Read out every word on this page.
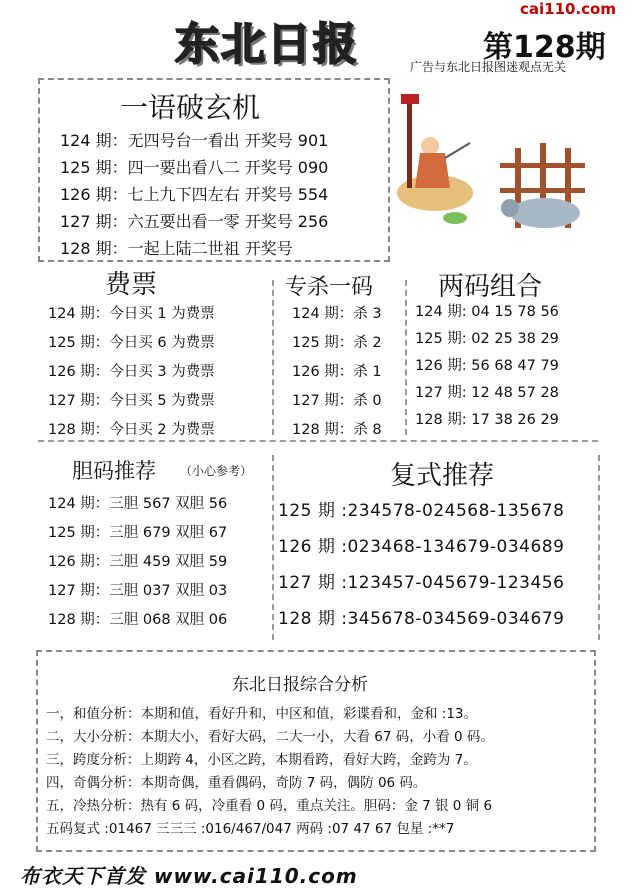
东北日报
cai110.com
第128期
广告与东北日报图迷观点无关
一语破玄机
124 期：无四号台一看出 开奖号 901
125 期：四一要出看八二 开奖号 090
126 期：七上九下四左右 开奖号 554
127 期：六五要出看一零 开奖号 256
128 期：一起上陆二世祖 开奖号
费票
124 期：今日买 1 为费票
125 期：今日买 6 为费票
126 期：今日买 3 为费票
127 期：今日买 5 为费票
128 期：今日买 2 为费票
专杀一码
124 期：杀 3
125 期：杀 2
126 期：杀 1
127 期：杀 0
128 期：杀 8
两码组合
124 期: 04 15 78 56
125 期: 02 25 38 29
126 期: 56 68 47 79
127 期: 12 48 57 28
128 期: 17 38 26 29
胆码推荐 （小心参考）
124 期：三胆 567 双胆 56
125 期：三胆 679 双胆 67
126 期：三胆 459 双胆 59
127 期：三胆 037 双胆 03
128 期：三胆 068 双胆 06
复式推荐
125 期 :234578-024568-135678
126 期 :023468-134679-034689
127 期 :123457-045679-123456
128 期 :345678-034569-034679
东北日报综合分析
一，和值分析：本期和值，看好升和，中区和值，彩谍看和，金和 :13。
二，大小分析：本期大小，看好大码，二大一小，大看 67 码，小看 0 码。
三，跨度分析：上期跨 4，小区之跨，本期看跨，看好大跨，金跨为 7。
四，奇偶分析：本期奇偶，重看偶码，奇防 7 码，偶防 06 码。
五，冷热分析：热有 6 码，冷重看 0 码，重点关注。胆码：金 7 银 0 铜 6
五码复式 :01467 三三三 :016/467/047 两码 :07 47 67 包星 :**7
布衣天下首发 www.cai110.com
